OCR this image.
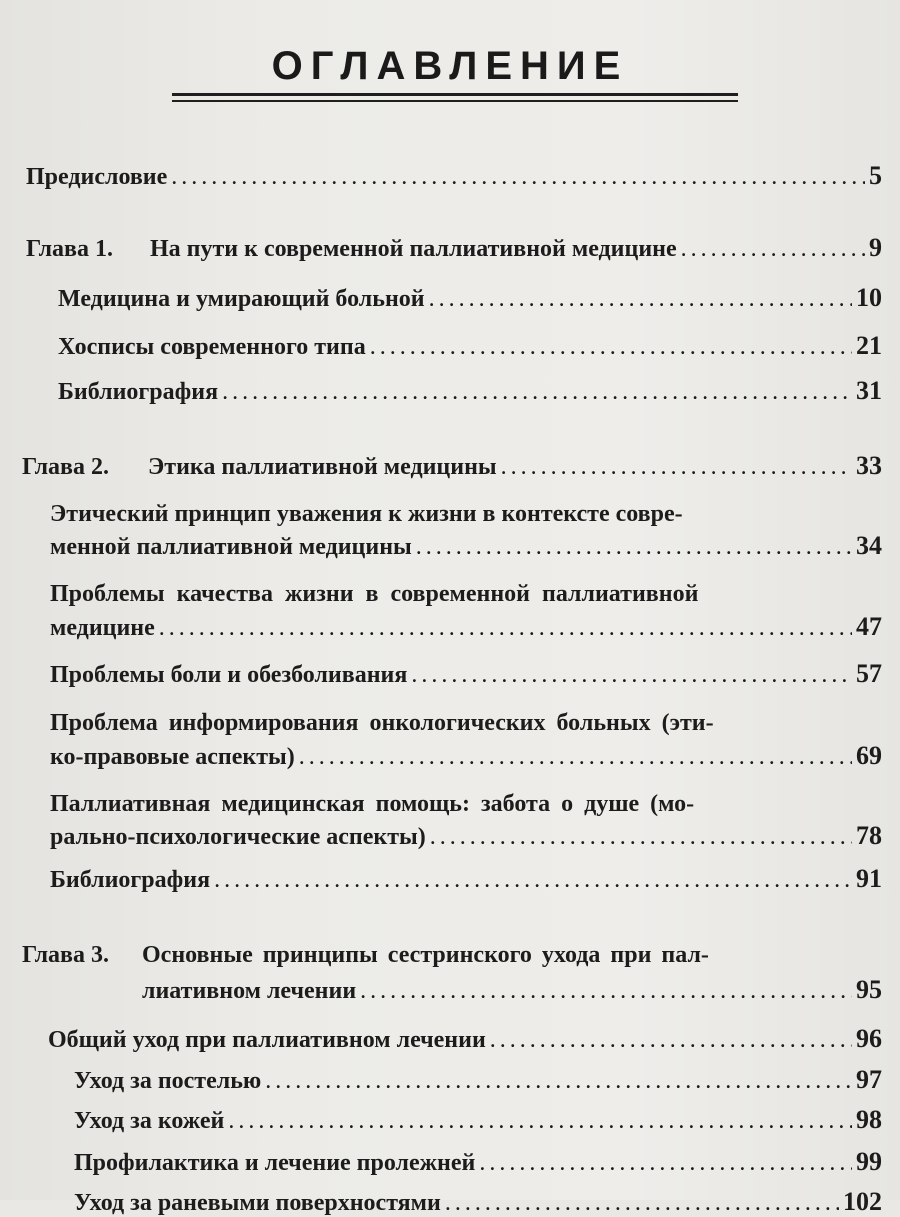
ОГЛАВЛЕНИЕ
Предисловие . . .	5
Глава 1.	На пути к современной паллиативной медицине . . .	9
Медицина и умирающий больной . . .	10
Хосписы современного типа . . .	21
Библиография . . .	31
Глава 2.	Этика паллиативной медицины . . .	33
Этический принцип уважения к жизни в контексте совре-
менной паллиативной медицины . . .	34
Проблемы качества жизни в современной паллиативной
медицине . . .	47
Проблемы боли и обезболивания . . .	57
Проблема информирования онкологических больных (эти-
ко-правовые аспекты) . . .	69
Паллиативная медицинская помощь: забота о душе (мо-
рально-психологические аспекты) . . .	78
Библиография . . .	91
Глава 3.	Основные принципы сестринского ухода при пал-
лиативном лечении . . .	95
Общий уход при паллиативном лечении . . .	96
Уход за постелью . . .	97
Уход за кожей . . .	98
Профилактика и лечение пролежней . . .	99
Уход за раневыми поверхностями . . .	102
